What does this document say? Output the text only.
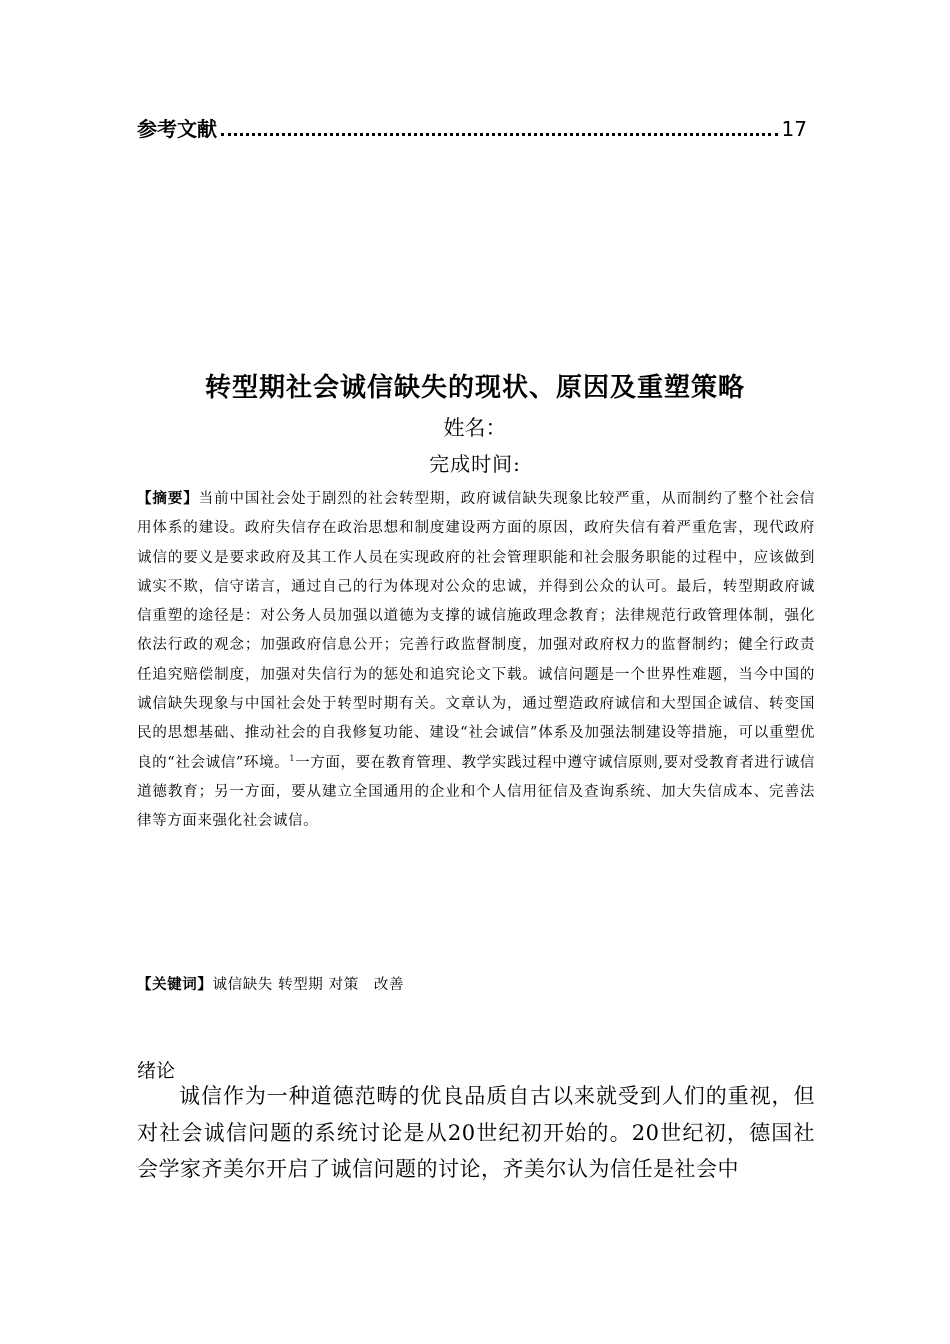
参考文献	17
转型期社会诚信缺失的现状、原因及重塑策略
姓名：
完成时间:
【摘要】当前中国社会处于剧烈的社会转型期，政府诚信缺失现象比较严重，从而制约了整个社会信用体系的建设。政府失信存在政治思想和制度建设两方面的原因，政府失信有着严重危害，现代政府诚信的要义是要求政府及其工作人员在实现政府的社会管理职能和社会服务职能的过程中，应该做到诚实不欺，信守诺言，通过自己的行为体现对公众的忠诚，并得到公众的认可。最后，转型期政府诚信重塑的途径是：对公务人员加强以道德为支撑的诚信施政理念教育；法律规范行政管理体制，强化依法行政的观念；加强政府信息公开；完善行政监督制度，加强对政府权力的监督制约；健全行政责任追究赔偿制度，加强对失信行为的惩处和追究论文下载。诚信问题是一个世界性难题，当今中国的诚信缺失现象与中国社会处于转型时期有关。文章认为，通过塑造政府诚信和大型国企诚信、转变国民的思想基础、推动社会的自我修复功能、建设“社会诚信”体系及加强法制建设等措施，可以重塑优良的“社会诚信”环境。$^1$一方面，要在教育管理、教学实践过程中遵守诚信原则,要对受教育者进行诚信道德教育；另一方面，要从建立全国通用的企业和个人信用征信及查询系统、加大失信成本、完善法律等方面来强化社会诚信。
【关键词】诚信缺失 转型期 对策　改善
绪论
诚信作为一种道德范畴的优良品质自古以来就受到人们的重视，但对社会诚信问题的系统讨论是从20世纪初开始的。20世纪初，德国社会学家齐美尔开启了诚信问题的讨论，齐美尔认为信任是社会中
